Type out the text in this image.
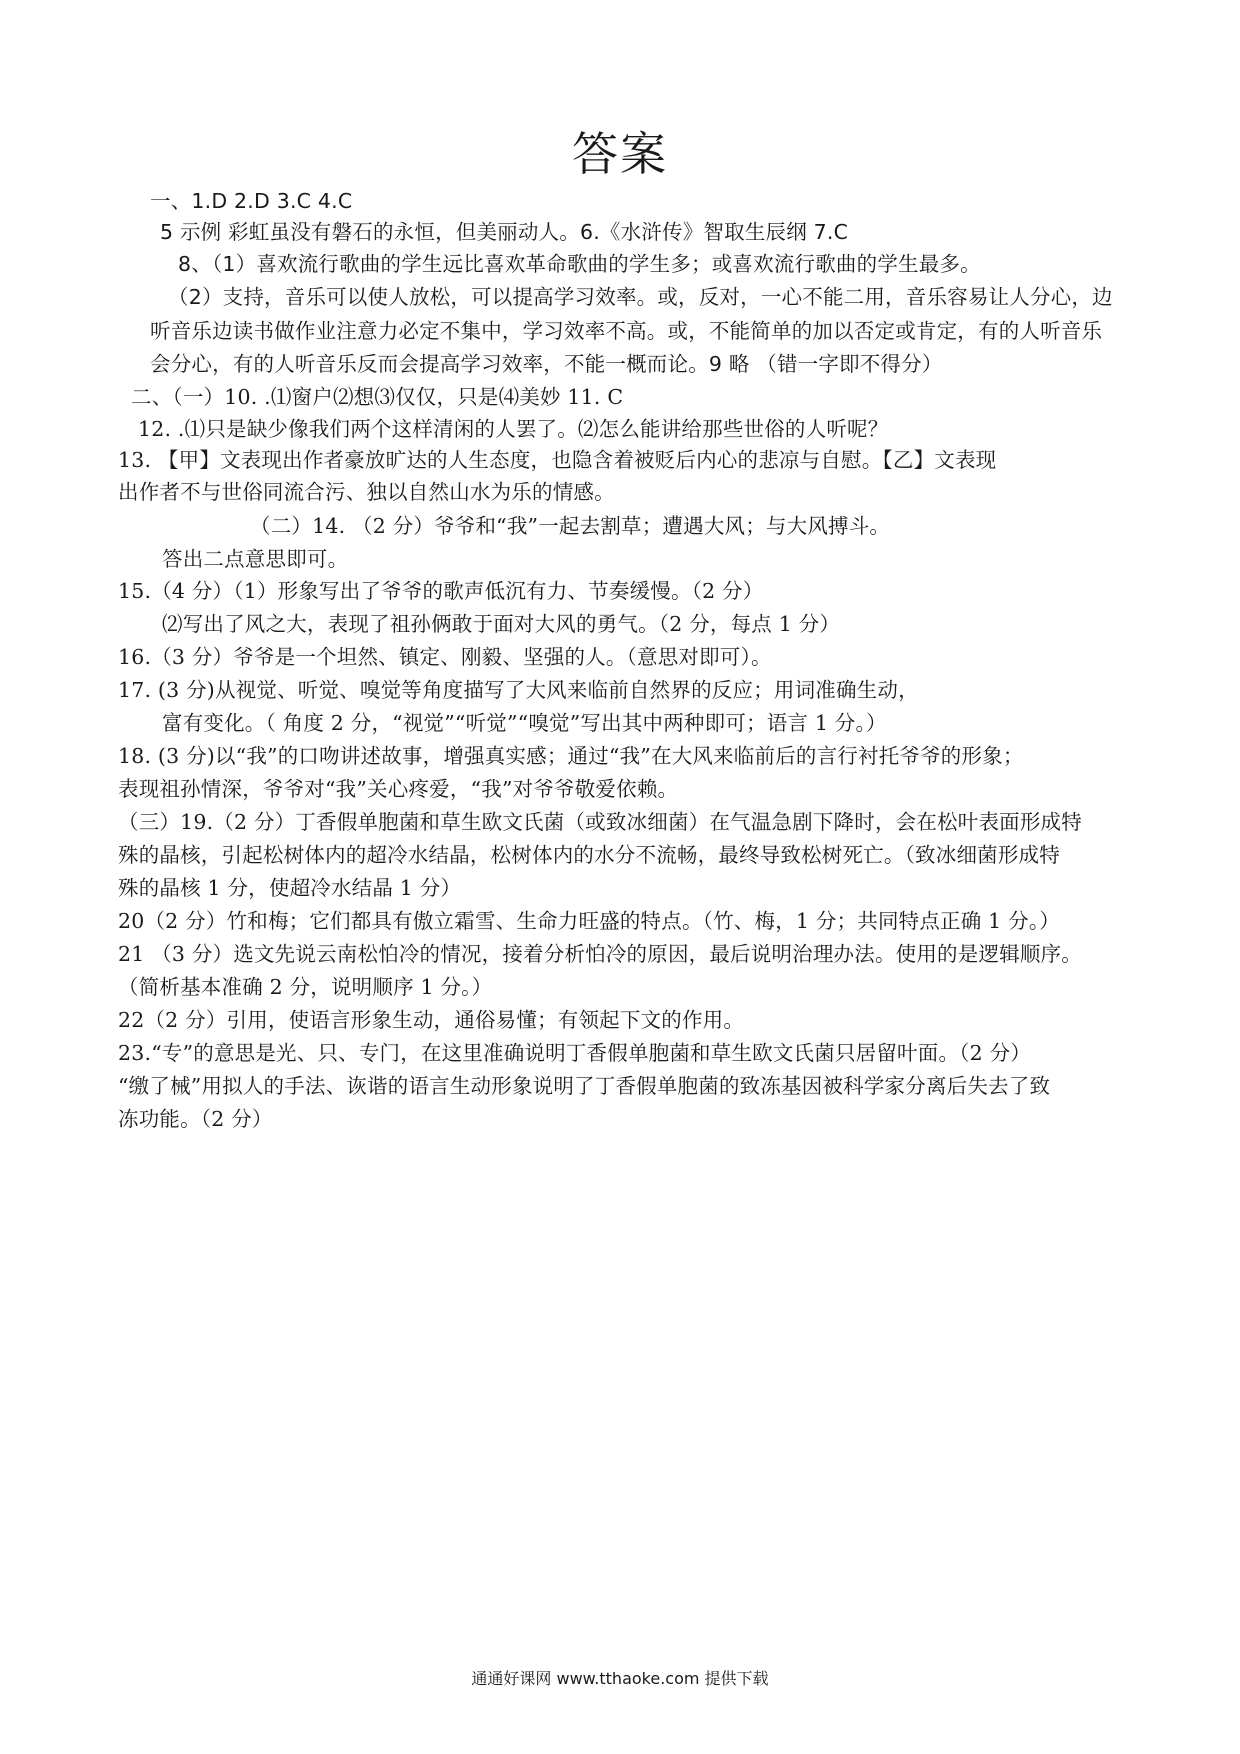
答案
一、1.D 2.D 3.C 4.C
5 示例 彩虹虽没有磐石的永恒，但美丽动人。6.《水浒传》智取生辰纲 7.C
8、（1）喜欢流行歌曲的学生远比喜欢革命歌曲的学生多；或喜欢流行歌曲的学生最多。
（2）支持，音乐可以使人放松，可以提高学习效率。或，反对，一心不能二用，音乐容易让人分心，边
听音乐边读书做作业注意力必定不集中，学习效率不高。或，不能简单的加以否定或肯定，有的人听音乐
会分心，有的人听音乐反而会提高学习效率，不能一概而论。9 略 （错一字即不得分）
二、（一）10. .⑴窗户⑵想⑶仅仅，只是⑷美妙 11. C
12. .⑴只是缺少像我们两个这样清闲的人罢了。⑵怎么能讲给那些世俗的人听呢？
13. 【甲】文表现出作者豪放旷达的人生态度，也隐含着被贬后内心的悲凉与自慰。【乙】文表现
出作者不与世俗同流合污、独以自然山水为乐的情感。
（二）14. （2 分）爷爷和“我”一起去割草；遭遇大风；与大风搏斗。
答出二点意思即可。
15.（4 分）（1）形象写出了爷爷的歌声低沉有力、节奏缓慢。（2 分）
⑵写出了风之大，表现了祖孙俩敢于面对大风的勇气。（2 分，每点 1 分）
16.（3 分）爷爷是一个坦然、镇定、刚毅、坚强的人。（意思对即可）。
17. (3 分)从视觉、听觉、嗅觉等角度描写了大风来临前自然界的反应；用词准确生动，
富有变化。（ 角度 2 分，“视觉”“听觉”“嗅觉”写出其中两种即可；语言 1 分。）
18. (3 分)以“我”的口吻讲述故事，增强真实感；通过“我”在大风来临前后的言行衬托爷爷的形象；
表现祖孙情深，爷爷对“我”关心疼爱，“我”对爷爷敬爱依赖。
（三）19.（2 分）丁香假单胞菌和草生欧文氏菌（或致冰细菌）在气温急剧下降时，会在松叶表面形成特
殊的晶核，引起松树体内的超冷水结晶，松树体内的水分不流畅，最终导致松树死亡。（致冰细菌形成特
殊的晶核 1 分，使超冷水结晶 1 分）
20（2 分）竹和梅；它们都具有傲立霜雪、生命力旺盛的特点。（竹、梅，1 分；共同特点正确 1 分。）
21 （3 分）选文先说云南松怕冷的情况，接着分析怕冷的原因，最后说明治理办法。使用的是逻辑顺序。
（简析基本准确 2 分，说明顺序 1 分。）
22（2 分）引用，使语言形象生动，通俗易懂；有领起下文的作用。
23.“专”的意思是光、只、专门，在这里准确说明丁香假单胞菌和草生欧文氏菌只居留叶面。（2 分）
“缴了械”用拟人的手法、诙谐的语言生动形象说明了丁香假单胞菌的致冻基因被科学家分离后失去了致
冻功能。（2 分）
通通好课网 www.tthaoke.com 提供下载
